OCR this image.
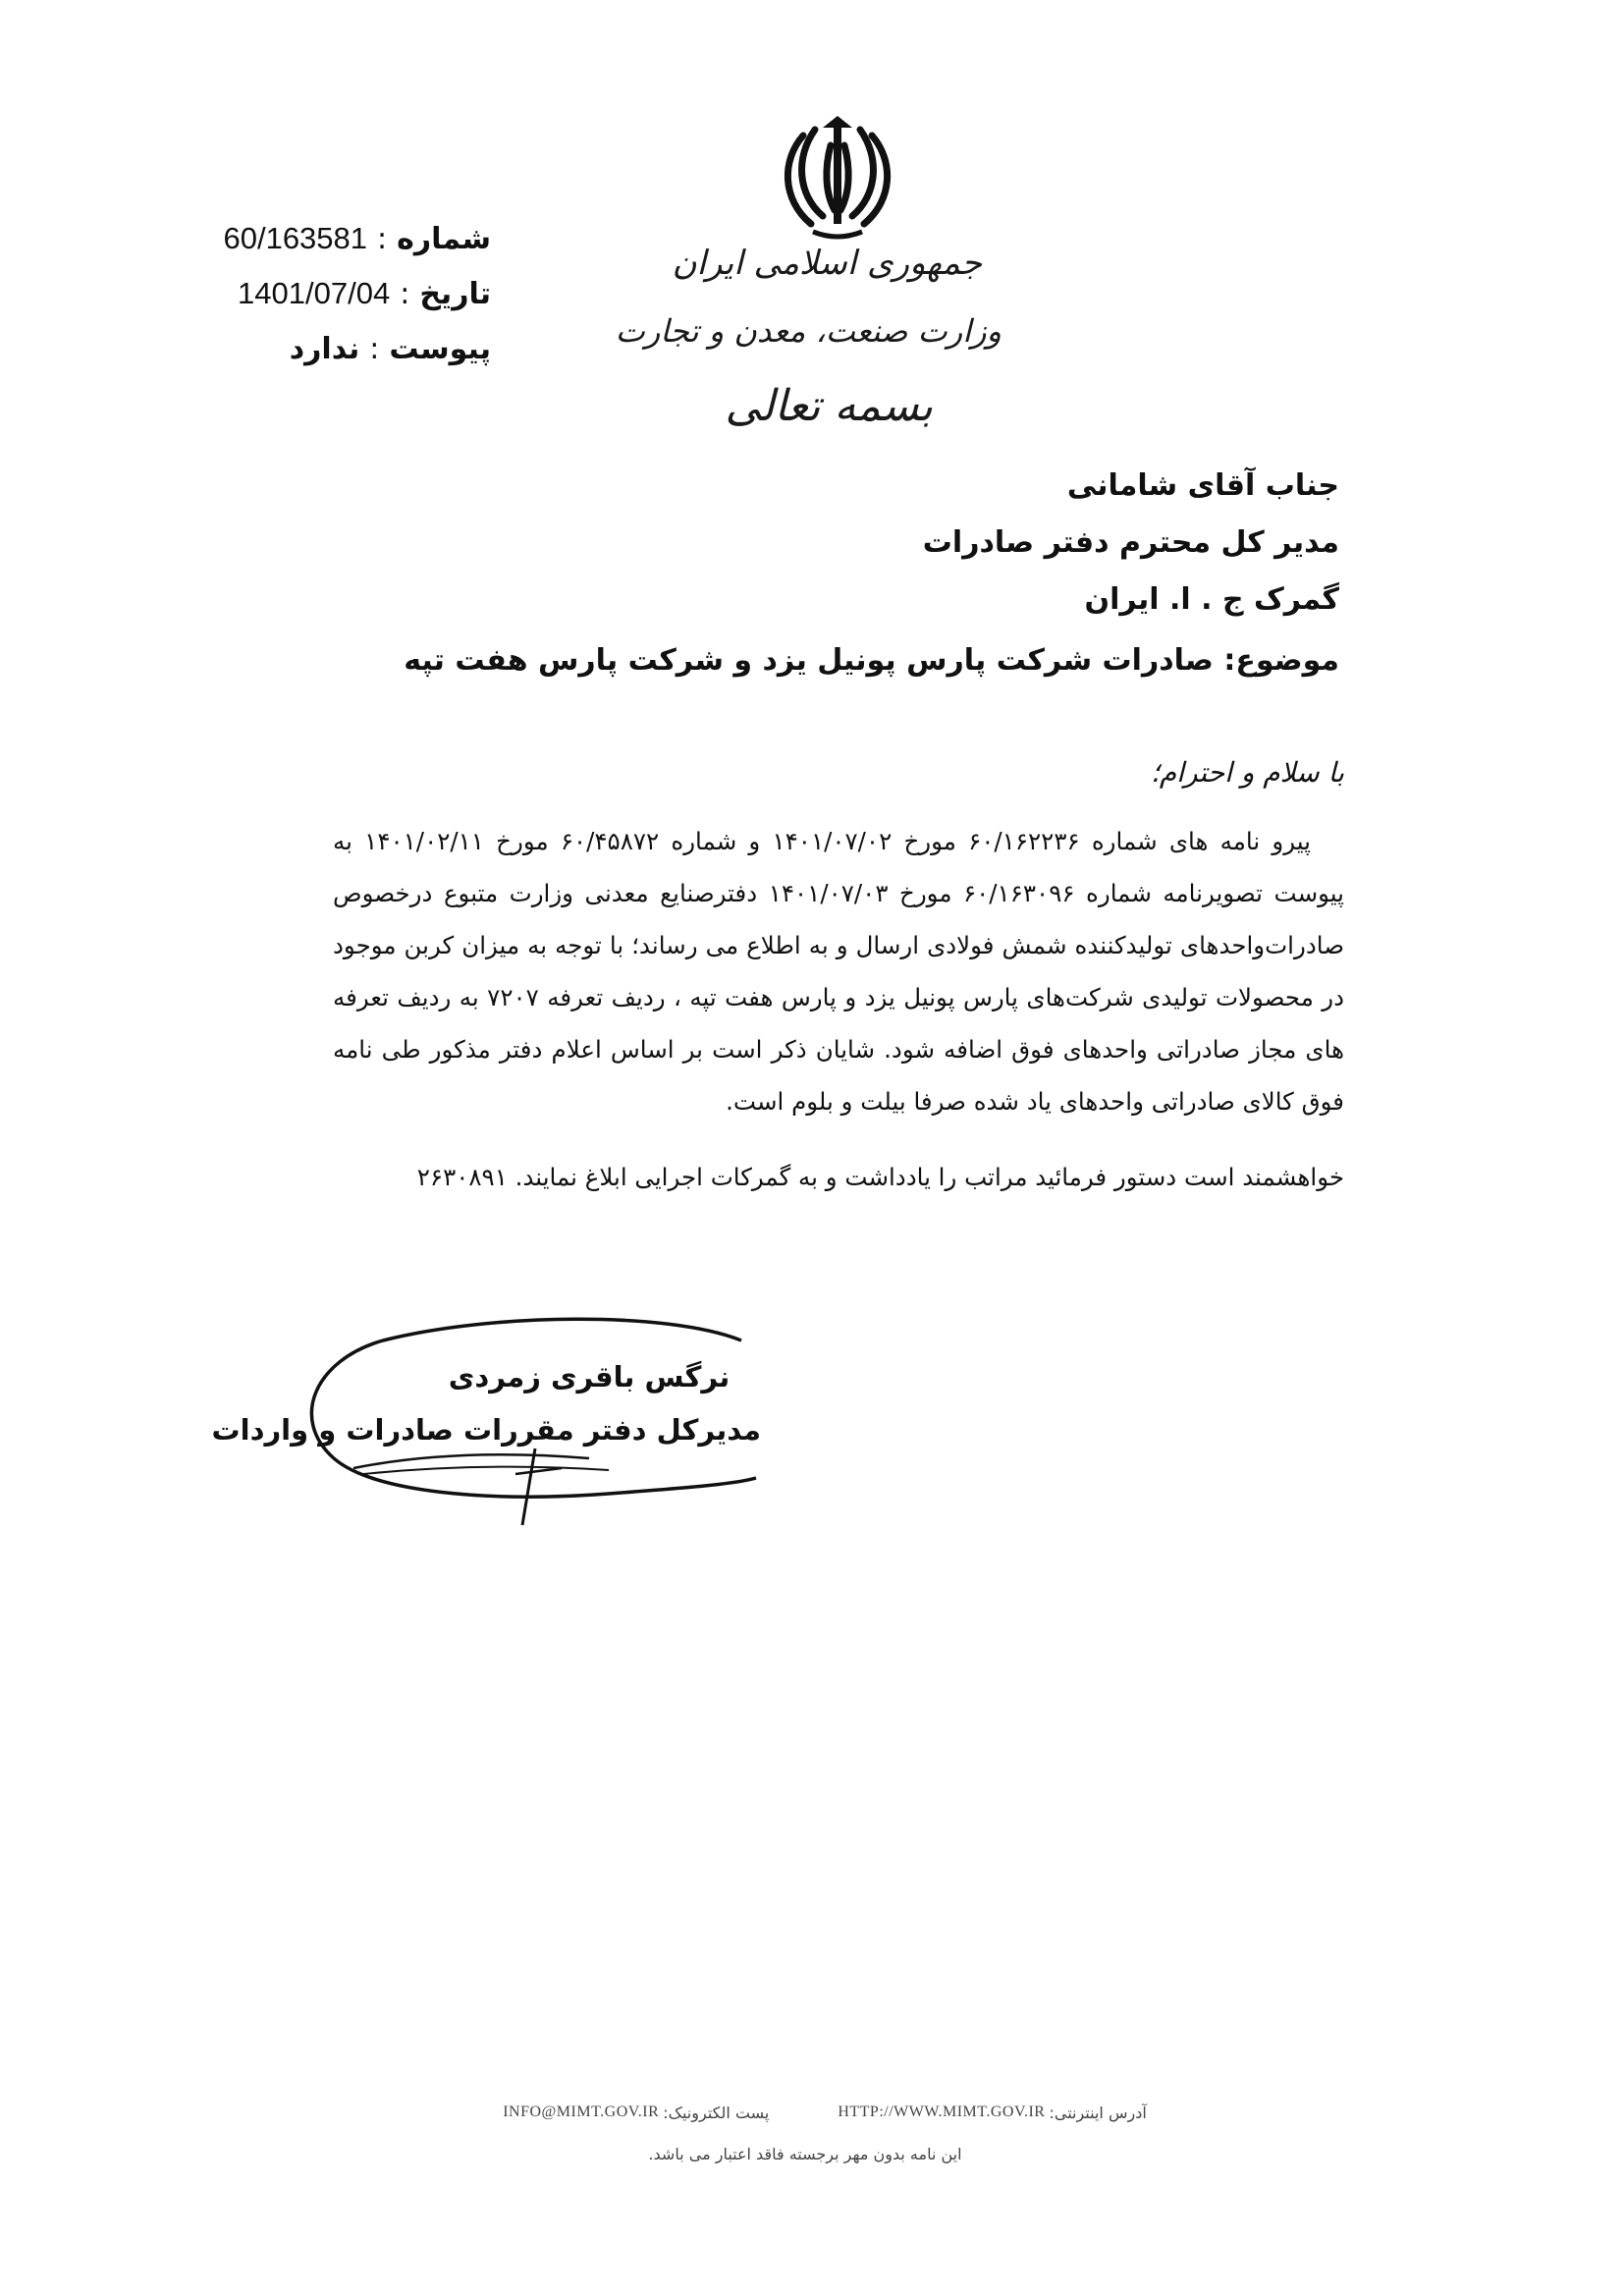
جمهوری اسلامی ایران
وزارت صنعت، معدن و تجارت
بسمه تعالی
شماره
:
60/163581
تاریخ
:
1401/07/04
پیوست
:
ندارد
جناب آقای شامانی
مدیر کل محترم دفتر صادرات
گمرک ج . ا. ایران
موضوع: صادرات شرکت پارس پونیل یزد و شرکت پارس هفت تپه
با سلام و احترام؛
پیرو نامه های شماره ۶۰/۱۶۲۲۳۶ مورخ ۱۴۰۱/۰۷/۰۲ و شماره ۶۰/۴۵۸۷۲ مورخ ۱۴۰۱/۰۲/۱۱ به پیوست تصویرنامه شماره ۶۰/۱۶۳۰۹۶ مورخ ۱۴۰۱/۰۷/۰۳ دفترصنایع معدنی وزارت متبوع درخصوص صادرات‌واحدهای تولیدکننده شمش فولادی ارسال و به اطلاع می رساند؛ با توجه به میزان کربن موجود در محصولات تولیدی شرکت‌های پارس پونیل یزد و پارس هفت تپه ، ردیف تعرفه ۷۲۰۷ به ردیف تعرفه های مجاز صادراتی واحدهای فوق اضافه شود. شایان ذکر است بر اساس اعلام دفتر مذکور طی نامه فوق کالای صادراتی واحدهای یاد شده صرفا بیلت و بلوم است.
خواهشمند است دستور فرمائید مراتب را یادداشت و به گمرکات اجرایی ابلاغ نمایند. ۲۶۳۰۸۹۱
نرگس باقری زمردی
مدیرکل دفتر مقررات صادرات و واردات
آدرس اینترنتی:
HTTP://WWW.MIMT.GOV.IR
پست الکترونیک:
INFO@MIMT.GOV.IR
این نامه بدون مهر برجسته فاقد اعتبار می باشد.
